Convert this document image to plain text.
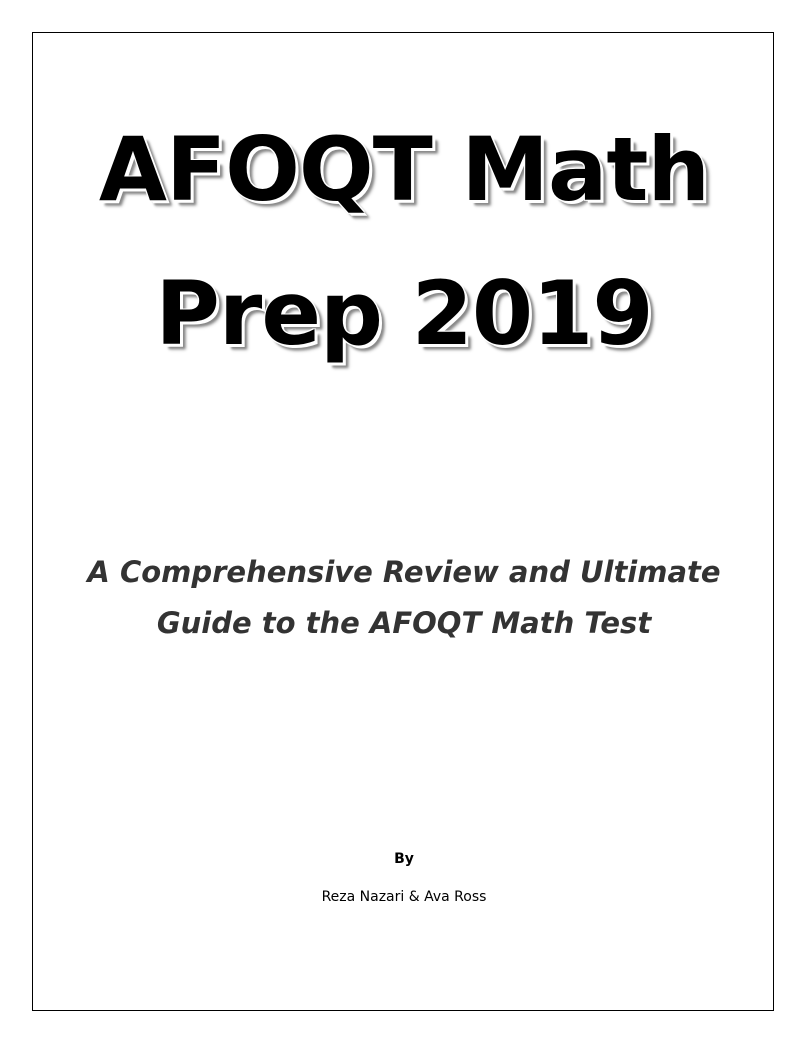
AFOQT Math
Prep 2019
A Comprehensive Review and Ultimate
Guide to the AFOQT Math Test
By
Reza Nazari & Ava Ross
